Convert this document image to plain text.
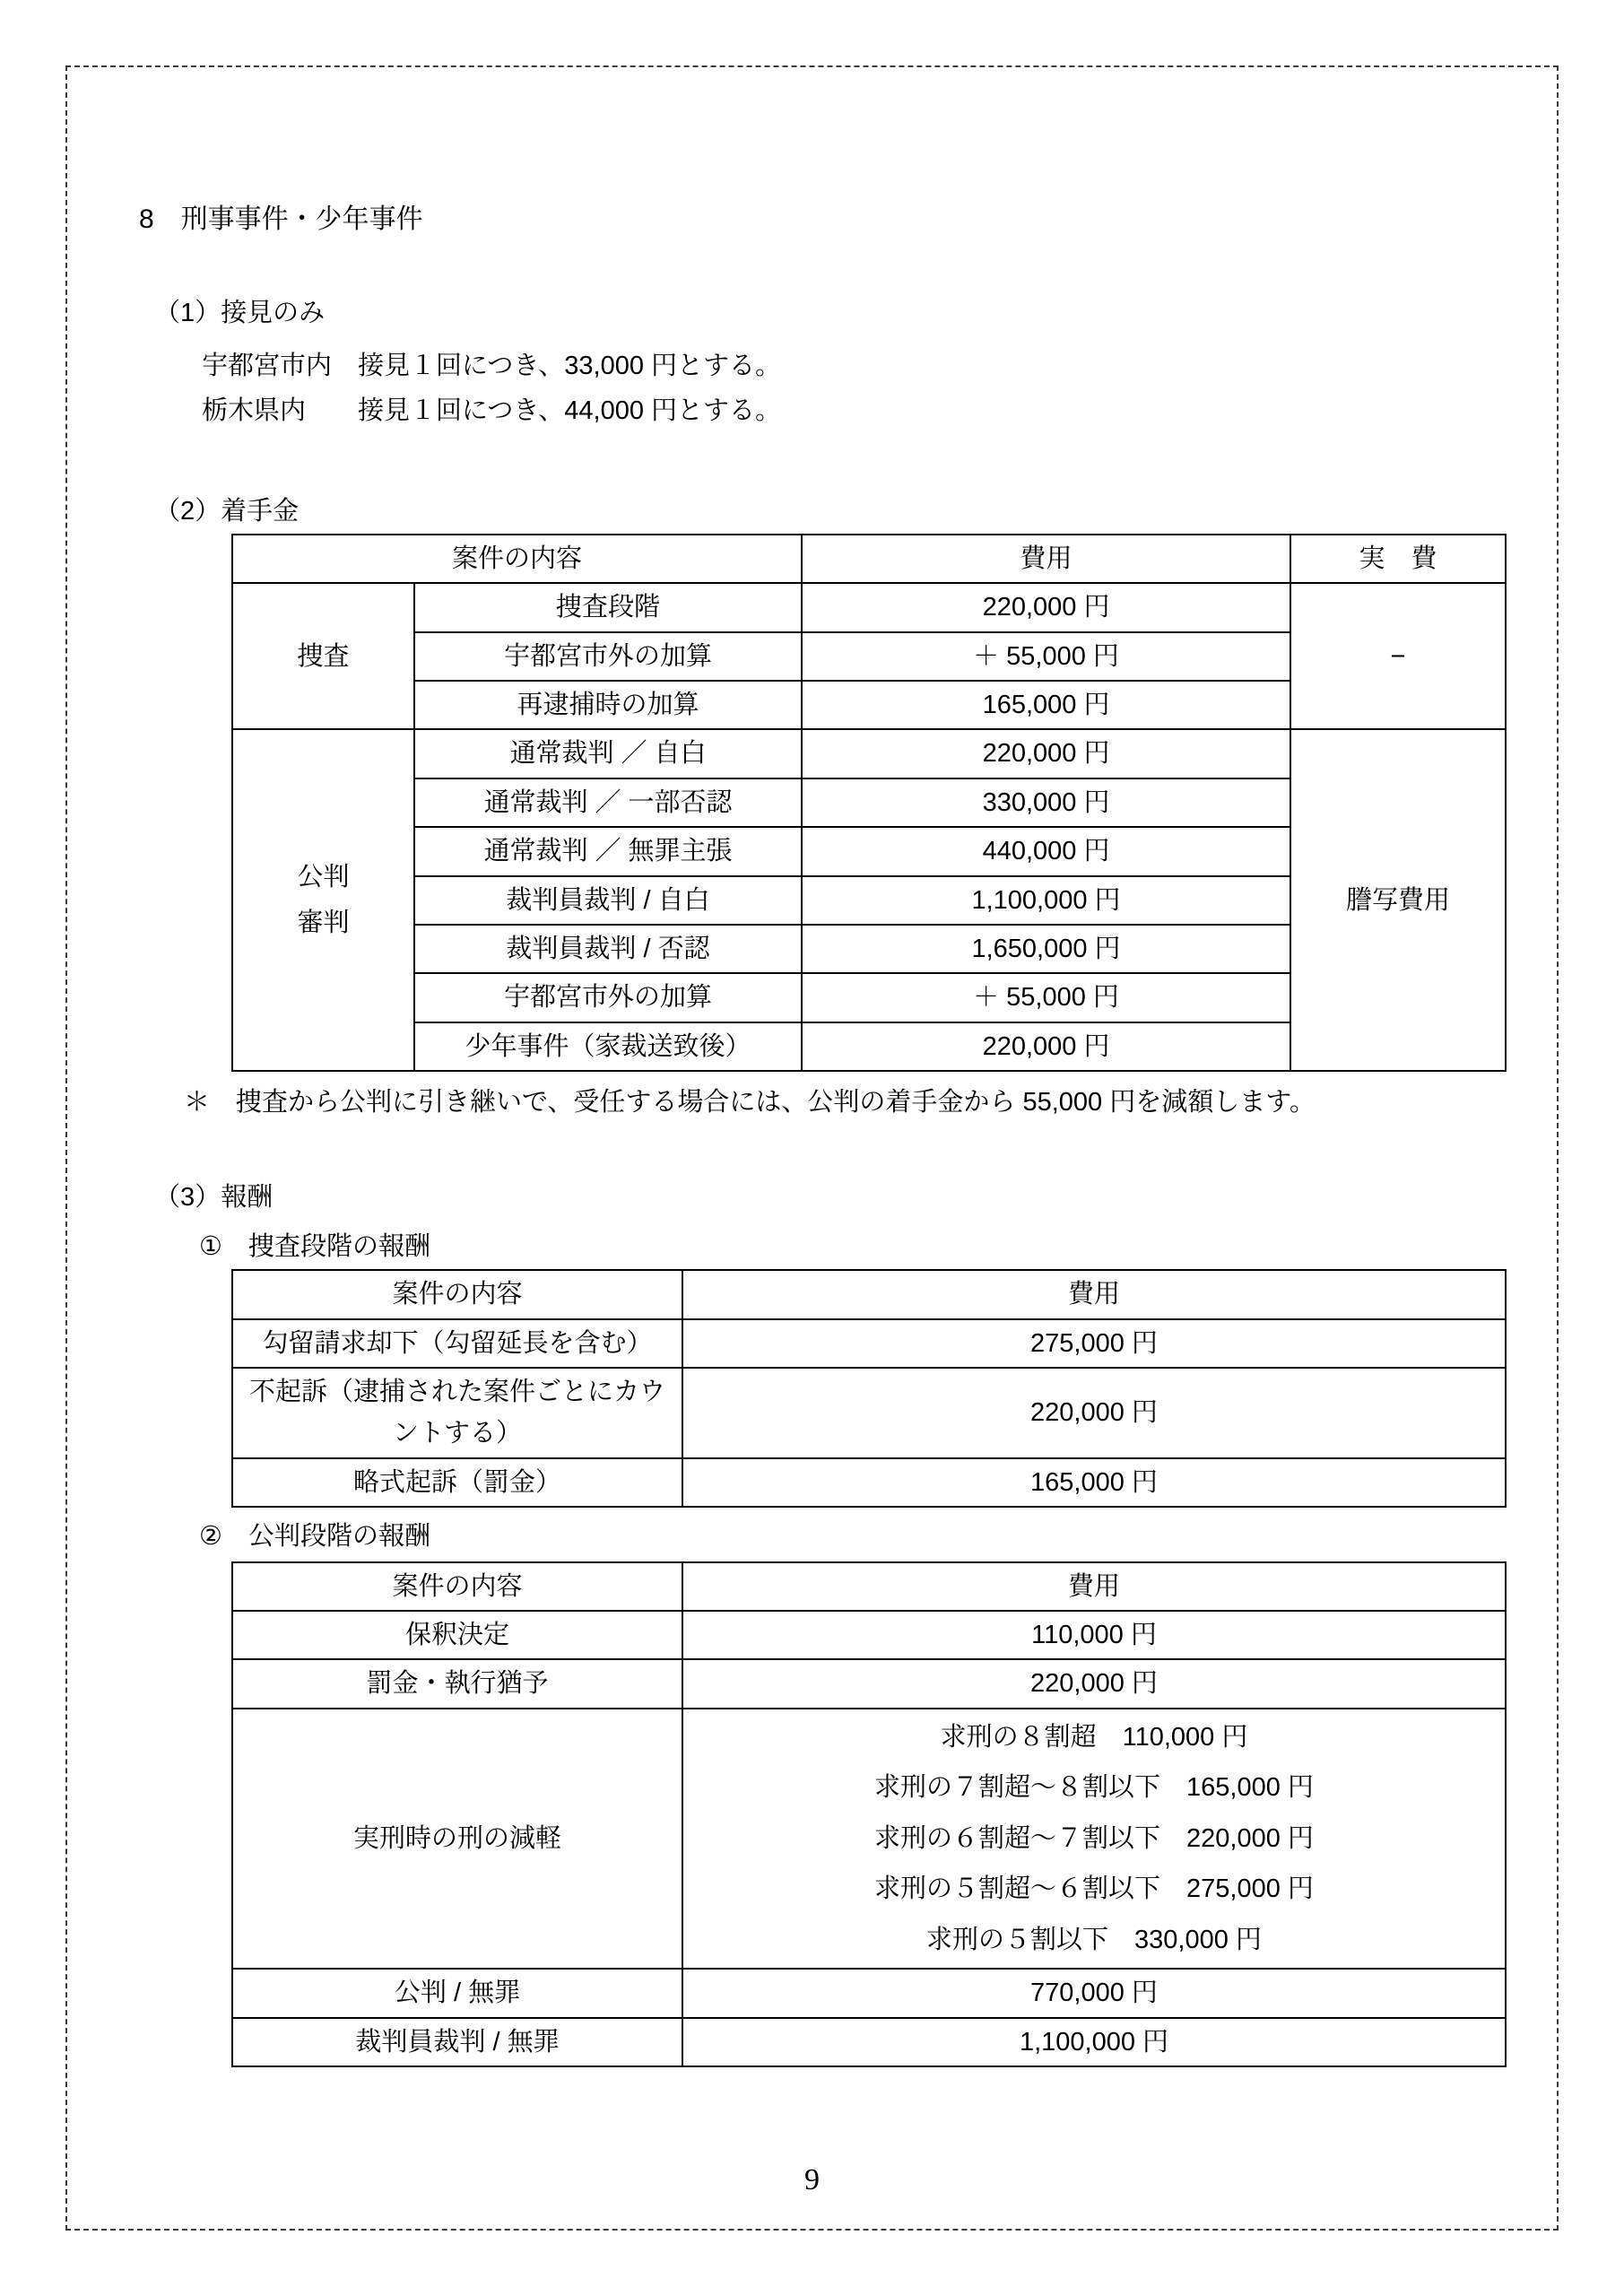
8　刑事事件・少年事件
（1）接見のみ
宇都宮市内　接見１回につき、33,000 円とする。
栃木県内　　接見１回につき、44,000 円とする。
（2）着手金
案件の内容		費用	実　費
捜査	捜査段階	220,000 円	−
	宇都宮市外の加算	＋ 55,000 円	
	再逮捕時の加算	165,000 円	

公判
審判	通常裁判 ／ 自白	220,000 円	謄写費用
	通常裁判 ／ 一部否認	330,000 円	
	通常裁判 ／ 無罪主張	440,000 円	
	裁判員裁判 / 自白	1,100,000 円	
	裁判員裁判 / 否認	1,650,000 円	
	宇都宮市外の加算	＋ 55,000 円	
	少年事件（家裁送致後）	220,000 円	
＊　捜査から公判に引き継いで、受任する場合には、公判の着手金から 55,000 円を減額します。
（3）報酬
①　捜査段階の報酬
案件の内容	費用
勾留請求却下（勾留延長を含む）	275,000 円
不起訴（逮捕された案件ごとにカウントする）	220,000 円
略式起訴（罰金）	165,000 円
②　公判段階の報酬
案件の内容	費用
保釈決定	110,000 円
罰金・執行猶予	220,000 円
実刑時の刑の減軽	求刑の８割超　110,000 円
求刑の７割超～８割以下　165,000 円
求刑の６割超～７割以下　220,000 円
求刑の５割超～６割以下　275,000 円
求刑の５割以下　330,000 円

公判 / 無罪	770,000 円
裁判員裁判 / 無罪	1,100,000 円
9
